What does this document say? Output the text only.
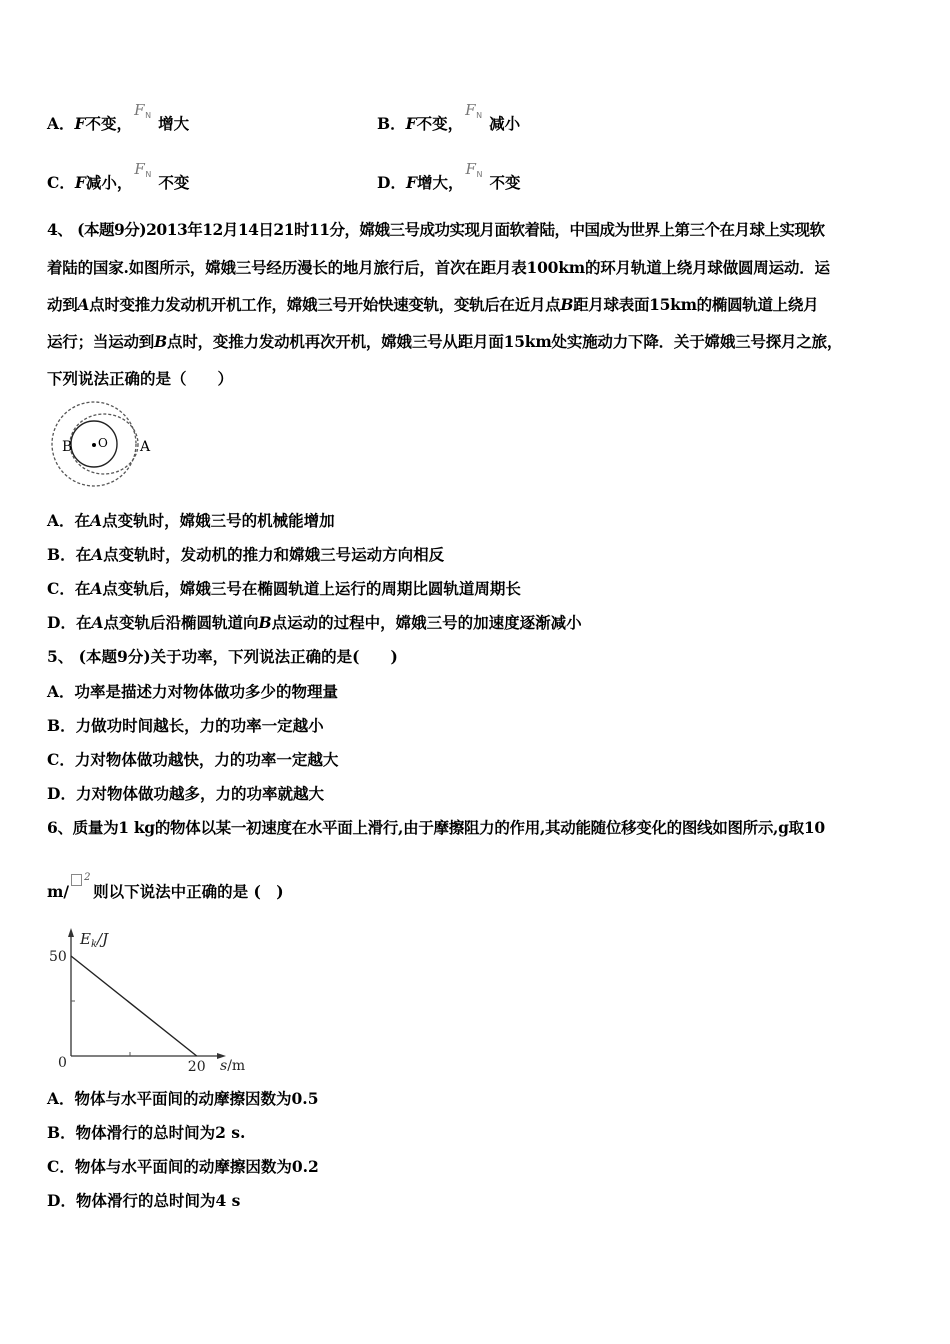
A．F不变，
F N 增大	B．F不变，
F N 减小
C．F减小，
F N 不变	D．F增大，
F N 不变
4、 (本题9分)2013年12月14日21时11分，嫦娥三号成功实现月面软着陆，中国成为世界上第三个在月球上实现软
着陆的国家.如图所示，嫦娥三号经历漫长的地月旅行后，首次在距月表100km的环月轨道上绕月球做圆周运动．运
动到A点时变推力发动机开机工作，嫦娥三号开始快速变轨，变轨后在近月点B距月球表面15km的椭圆轨道上绕月
运行；当运动到B点时，变推力发动机再次开机，嫦娥三号从距月面15km处实施动力下降．关于嫦娥三号探月之旅，
下列说法正确的是（　　）
B O A
A．在A点变轨时，嫦娥三号的机械能增加
B．在A点变轨时，发动机的推力和嫦娥三号运动方向相反
C．在A点变轨后，嫦娥三号在椭圆轨道上运行的周期比圆轨道周期长
D．在A点变轨后沿椭圆轨道向B点运动的过程中，嫦娥三号的加速度逐渐减小
5、 (本题9分)关于功率，下列说法正确的是(　　)
A．功率是描述力对物体做功多少的物理量
B．力做功时间越长，力的功率一定越小
C．力对物体做功越快，力的功率一定越大
D．力对物体做功越多，力的功率就越大
6、质量为1 kg的物体以某一初速度在水平面上滑行,由于摩擦阻力的作用,其动能随位移变化的图线如图所示,g取10
m/
2
则以下说法中正确的是 (　)
50
20
0
$E_k/J$
s/m
A．物体与水平面间的动摩擦因数为0.5
B．物体滑行的总时间为2 s.
C．物体与水平面间的动摩擦因数为0.2
D．物体滑行的总时间为4 s
